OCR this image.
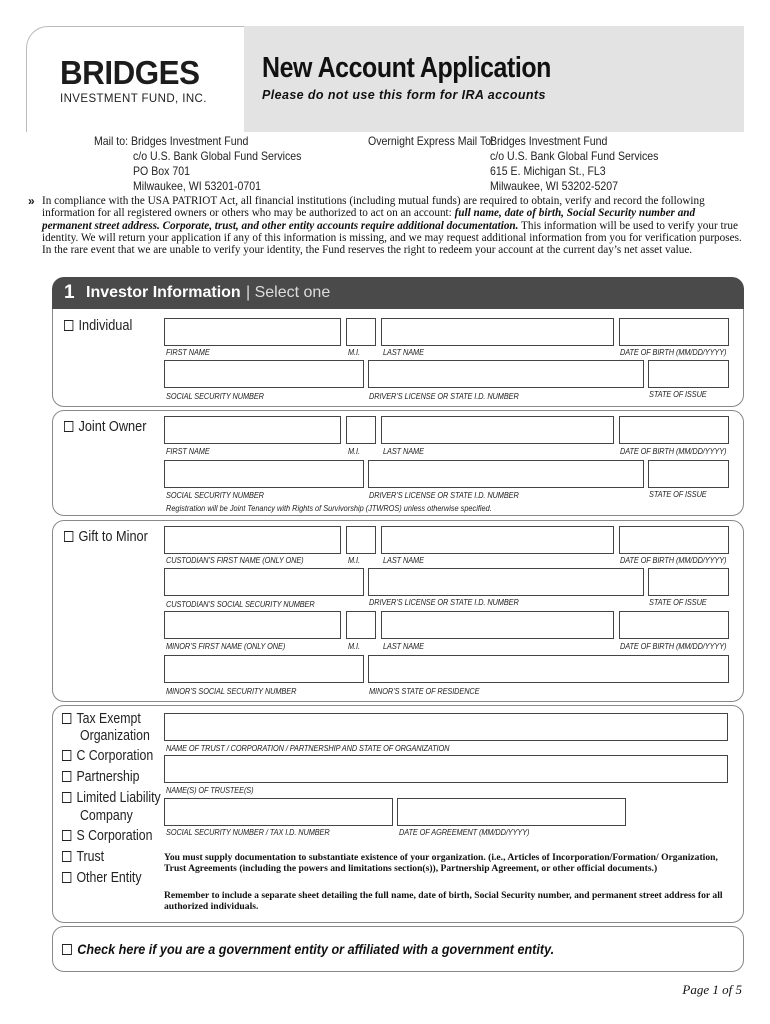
BRIDGES
INVESTMENT FUND, INC.
New Account Application
Please do not use this form for IRA accounts
Mail to: Bridges Investment Fund
c/o U.S. Bank Global Fund Services
PO Box 701
Milwaukee, WI 53201-0701
Overnight Express Mail To:
Bridges Investment Fund
c/o U.S. Bank Global Fund Services
615 E. Michigan St., FL3
Milwaukee, WI 53202-5207
» In compliance with the USA PATRIOT Act, all financial institutions (including mutual funds) are required to obtain, verify and record the following information for all registered owners or others who may be authorized to act on an account: full name, date of birth, Social Security number and permanent street address. Corporate, trust, and other entity accounts require additional documentation. This information will be used to verify your true identity. We will return your application if any of this information is missing, and we may request additional information from you for verification purposes. In the rare event that we are unable to verify your identity, the Fund reserves the right to redeem your account at the current day’s net asset value.
1 Investor Information | Select one
Individual
FIRST NAME	M.I.	LAST NAME	DATE OF BIRTH (MM/DD/YYYY)
SOCIAL SECURITY NUMBER	DRIVER’S LICENSE OR STATE I.D. NUMBER	STATE OF ISSUE
Joint Owner
FIRST NAME	M.I.	LAST NAME	DATE OF BIRTH (MM/DD/YYYY)
SOCIAL SECURITY NUMBER	DRIVER’S LICENSE OR STATE I.D. NUMBER	STATE OF ISSUE
Registration will be Joint Tenancy with Rights of Survivorship (JTWROS) unless otherwise specified.
Gift to Minor
CUSTODIAN’S FIRST NAME (ONLY ONE)	M.I.	LAST NAME	DATE OF BIRTH (MM/DD/YYYY)
CUSTODIAN’S SOCIAL SECURITY NUMBER	DRIVER’S LICENSE OR STATE I.D. NUMBER	STATE OF ISSUE
MINOR’S FIRST NAME (ONLY ONE)	M.I.	LAST NAME	DATE OF BIRTH (MM/DD/YYYY)
MINOR’S SOCIAL SECURITY NUMBER	MINOR’S STATE OF RESIDENCE
Tax Exempt
Organization
C Corporation
Partnership
Limited Liability
Company
S Corporation
Trust
Other Entity
NAME OF TRUST / CORPORATION / PARTNERSHIP AND STATE OF ORGANIZATION
NAME(S) OF TRUSTEE(S)
SOCIAL SECURITY NUMBER / TAX I.D. NUMBER	DATE OF AGREEMENT (MM/DD/YYYY)
You must supply documentation to substantiate existence of your organization. (i.e., Articles of Incorporation/Formation/ Organization, Trust Agreements (including the powers and limitations section(s)), Partnership Agreement, or other official documents.)
Remember to include a separate sheet detailing the full name, date of birth, Social Security number, and permanent street address for all authorized individuals.
Check here if you are a government entity or affiliated with a government entity.
Page 1 of 5
